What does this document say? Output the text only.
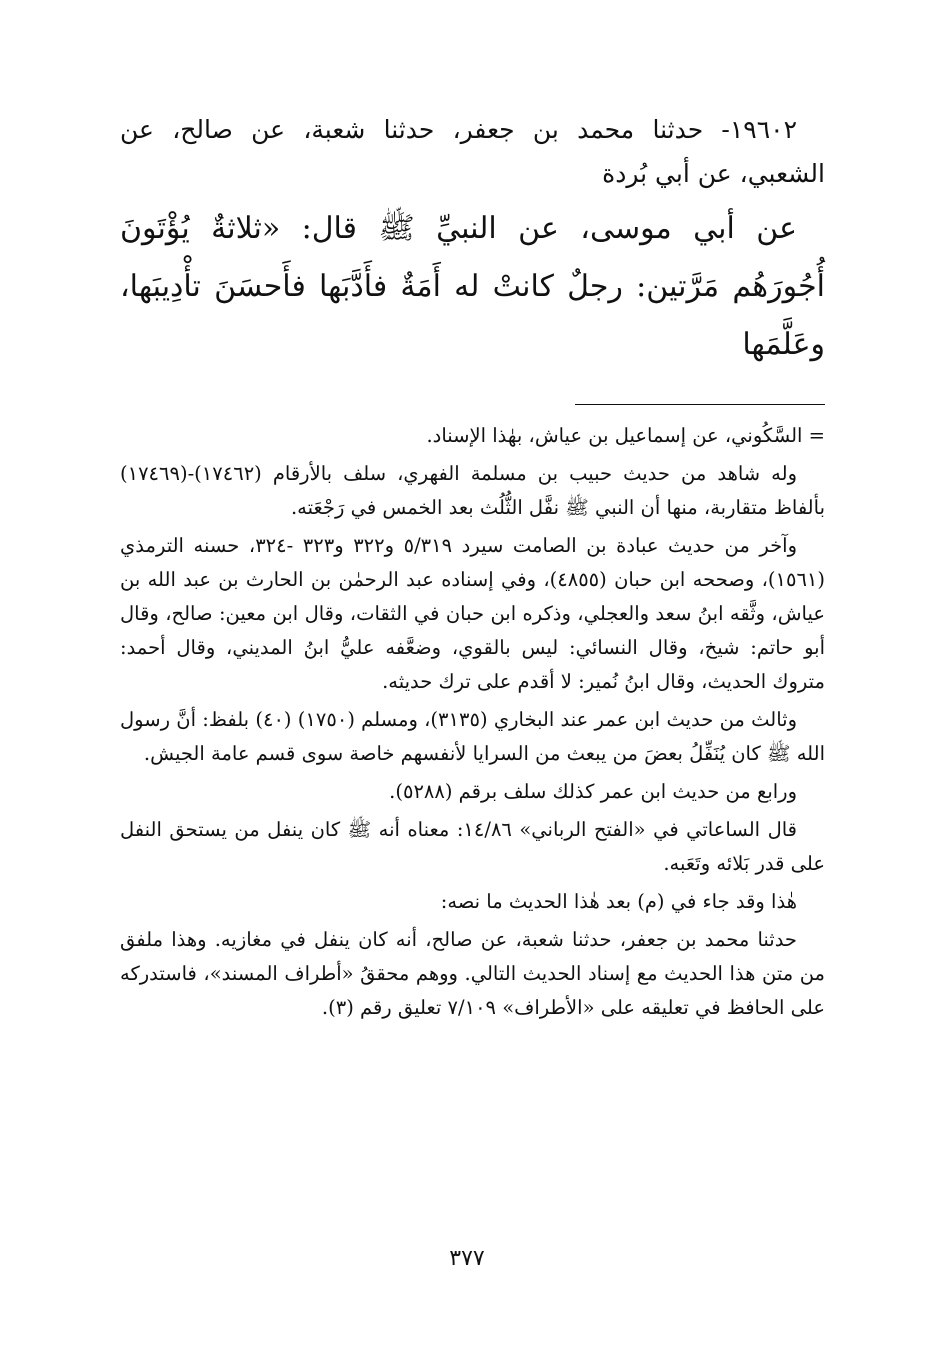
١٩٦٠٢- حدثنا محمد بن جعفر، حدثنا شعبة، عن صالح، عن الشعبي، عن أبي بُردة

عن أبي موسى، عن النبيِّ ﷺ قال: «ثلاثةٌ يُؤْتَونَ أُجُورَهُم مَرَّتين: رجلٌ كانتْ له أَمَةٌ فأَدَّبَها فأَحسَنَ تأْدِيبَها، وعَلَّمَها

= السَّكُوني، عن إسماعيل بن عياش، بهٰذا الإسناد.

وله شاهد من حديث حبيب بن مسلمة الفهري، سلف بالأرقام (١٧٤٦٢)-(١٧٤٦٩) بألفاظ متقاربة، منها أن النبي ﷺ نفَّل الثُّلُث بعد الخمس في رَجْعَته.

وآخر من حديث عبادة بن الصامت سيرد ٥/٣١٩ و٣٢٢ و٣٢٣ -٣٢٤، حسنه الترمذي (١٥٦١)، وصححه ابن حبان (٤٨٥٥)، وفي إسناده عبد الرحمٰن بن الحارث بن عبد الله بن عياش، وثَّقه ابنُ سعد والعجلي، وذكره ابن حبان في الثقات، وقال ابن معين: صالح، وقال أبو حاتم: شيخ، وقال النسائي: ليس بالقوي، وضعَّفه عليُّ ابنُ المديني، وقال أحمد: متروك الحديث، وقال ابنُ نُمير: لا أقدم على ترك حديثه.

وثالث من حديث ابن عمر عند البخاري (٣١٣٥)، ومسلم (١٧٥٠) (٤٠) بلفظ: أنَّ رسول الله ﷺ كان يُنَفِّلُ بعضَ من يبعث من السرايا لأنفسهم خاصة سوى قسم عامة الجيش.

ورابع من حديث ابن عمر كذلك سلف برقم (٥٢٨٨).

قال الساعاتي في «الفتح الرباني» ١٤/٨٦: معناه أنه ﷺ كان ينفل من يستحق النفل على قدر بَلائه وتَعَبه.

هٰذا وقد جاء في (م) بعد هٰذا الحديث ما نصه:

حدثنا محمد بن جعفر، حدثنا شعبة، عن صالح، أنه كان ينفل في مغازيه. وهذا ملفق من متن هذا الحديث مع إسناد الحديث التالي. ووهم محققُ «أطراف المسند»، فاستدركه على الحافظ في تعليقه على «الأطراف» ٧/١٠٩ تعليق رقم (٣).

٣٧٧
